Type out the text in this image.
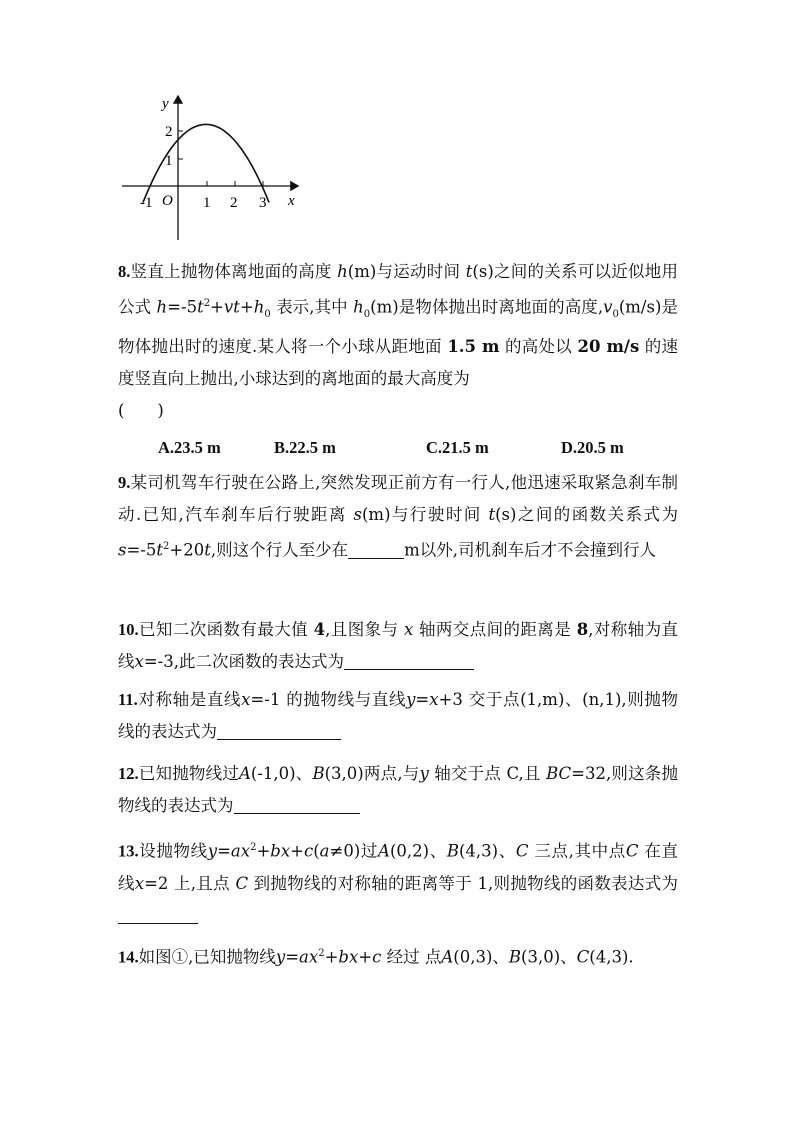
y
x
O
-1	1 2 3
1
2

8.竖直上抛物体离地面的高度 h(m)与运动时间 t(s)之间的关系可以近似地用公式 $h=-5t^2+vt+h_0$ 表示,其中 $h_0(m)$是物体抛出时离地面的高度$,v_0(m/s)$是物体抛出时的速度.某人将一个小球从距地面 1.5 m 的高处以 20 m/s 的速度竖直向上抛出,小球达到的离地面的最大高度为
(　　)

A.23.5 m	B.22.5 m	C.21.5 m	D.20.5 m

9.某司机驾车行驶在公路上,突然发现正前方有一行人,他迅速采取紧急刹车制动.已知,汽车刹车后行驶距离 s(m)与行驶时间 t(s)之间的函数关系式为$s=-5t^2+20t$,则这个行人至少在	m以外,司机刹车后才不会撞到行人

10.已知二次函数有最大值 4,且图象与 x 轴两交点间的距离是 8,对称轴为直线x=-3,此二次函数的表达式为

11.对称轴是直线x=-1 的抛物线与直线y=x+3 交于点(1,m)、(n,1),则抛物线的表达式为

12.已知抛物线过A(-1,0)、B(3,0)两点,与y 轴交于点 C,且 BC=32,则这条抛物线的表达式为

13.设抛物线$y=ax^2+bx+c(a\ne 0)$过A(0,2)、B(4,3)、C 三点,其中点C 在直线x=2 上,且点 C 到抛物线的对称轴的距离等于 1,则抛物线的函数表达式为

14.如图①,已知抛物线$y=ax^2+bx+c$ 经过 点A(0,3)、B(3,0)、C(4,3).
